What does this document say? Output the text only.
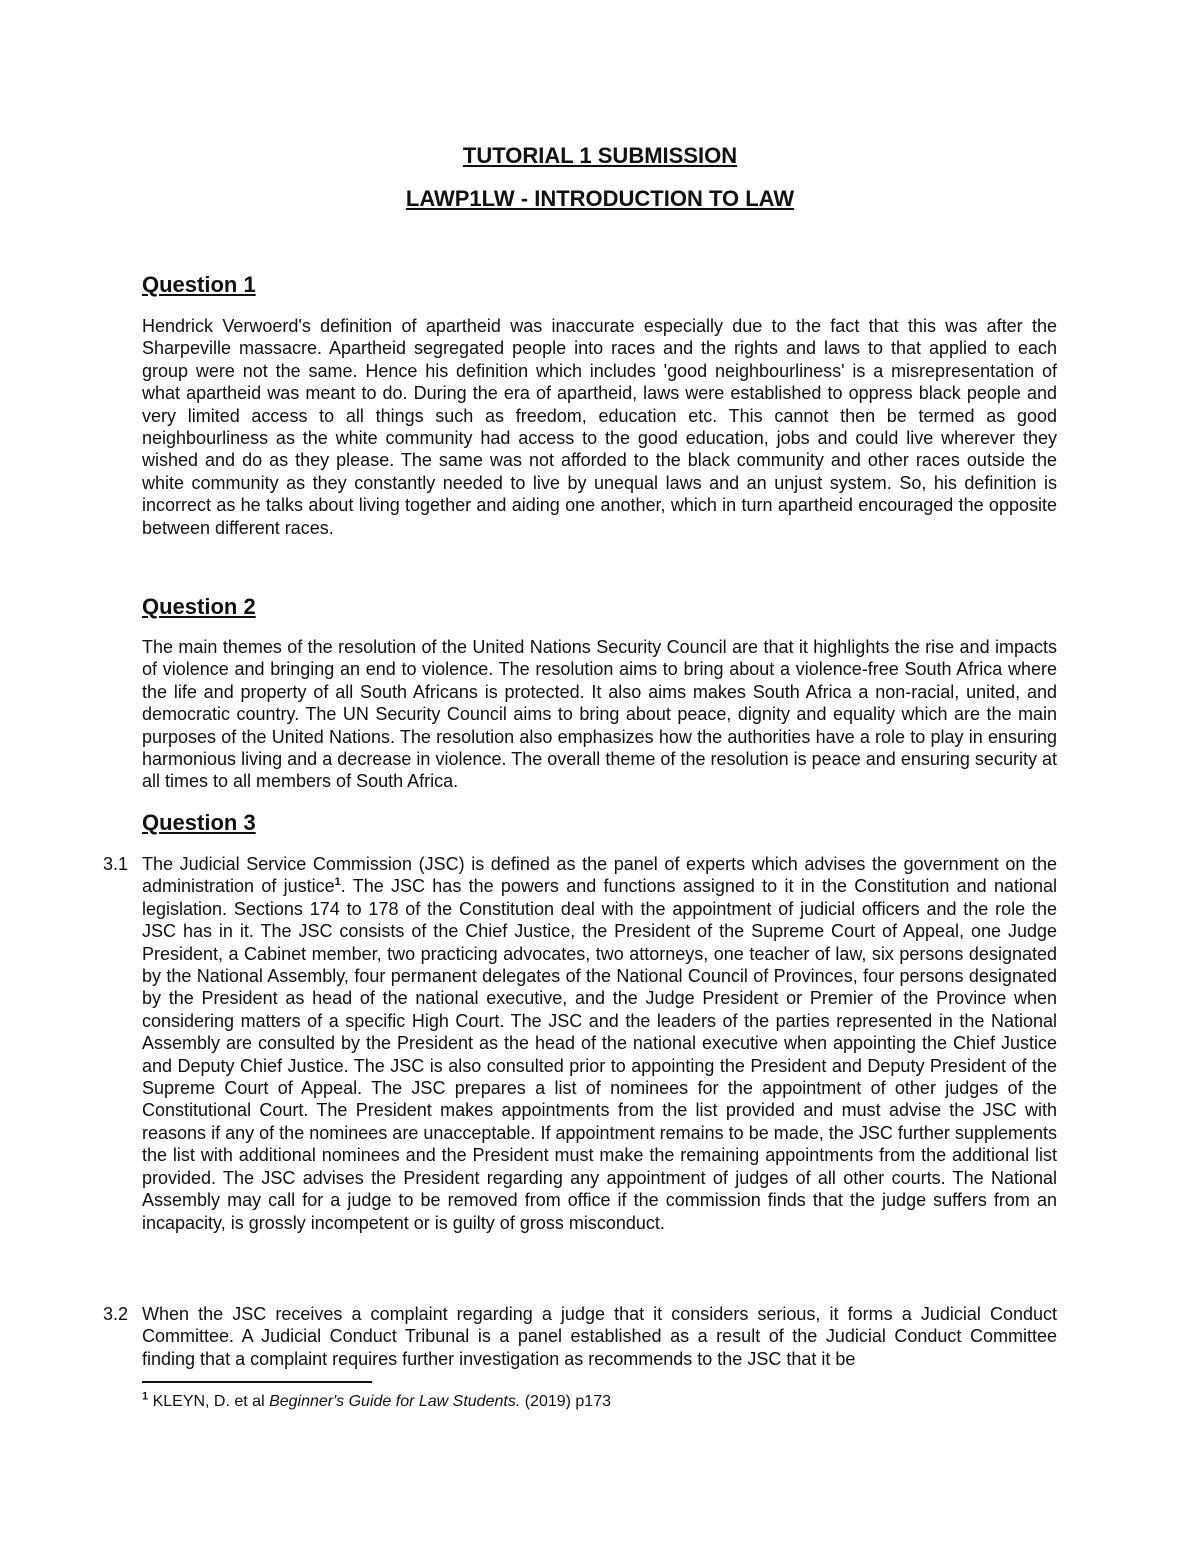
TUTORIAL 1 SUBMISSION
LAWP1LW - INTRODUCTION TO LAW
Question 1

Hendrick Verwoerd's definition of apartheid was inaccurate especially due to the fact that this was after the Sharpeville massacre. Apartheid segregated people into races and the rights and laws to that applied to each group were not the same. Hence his definition which includes 'good neighbourliness' is a misrepresentation of what apartheid was meant to do. During the era of apartheid, laws were established to oppress black people and very limited access to all things such as freedom, education etc. This cannot then be termed as good neighbourliness as the white community had access to the good education, jobs and could live wherever they wished and do as they please. The same was not afforded to the black community and other races outside the white community as they constantly needed to live by unequal laws and an unjust system. So, his definition is incorrect as he talks about living together and aiding one another, which in turn apartheid encouraged the opposite between different races.

Question 2

The main themes of the resolution of the United Nations Security Council are that it highlights the rise and impacts of violence and bringing an end to violence. The resolution aims to bring about a violence-free South Africa where the life and property of all South Africans is protected. It also aims makes South Africa a non-racial, united, and democratic country. The UN Security Council aims to bring about peace, dignity and equality which are the main purposes of the United Nations. The resolution also emphasizes how the authorities have a role to play in ensuring harmonious living and a decrease in violence. The overall theme of the resolution is peace and ensuring security at all times to all members of South Africa.

Question 3
3.1 The Judicial Service Commission (JSC) is defined as the panel of experts which advises the government on the administration of justice$^1$. The JSC has the powers and functions assigned to it in the Constitution and national legislation. Sections 174 to 178 of the Constitution deal with the appointment of judicial officers and the role the JSC has in it. The JSC consists of the Chief Justice, the President of the Supreme Court of Appeal, one Judge President, a Cabinet member, two practicing advocates, two attorneys, one teacher of law, six persons designated by the National Assembly, four permanent delegates of the National Council of Provinces, four persons designated by the President as head of the national executive, and the Judge President or Premier of the Province when considering matters of a specific High Court. The JSC and the leaders of the parties represented in the National Assembly are consulted by the President as the head of the national executive when appointing the Chief Justice and Deputy Chief Justice. The JSC is also consulted prior to appointing the President and Deputy President of the Supreme Court of Appeal. The JSC prepares a list of nominees for the appointment of other judges of the Constitutional Court. The President makes appointments from the list provided and must advise the JSC with reasons if any of the nominees are unacceptable. If appointment remains to be made, the JSC further supplements the list with additional nominees and the President must make the remaining appointments from the additional list provided. The JSC advises the President regarding any appointment of judges of all other courts. The National Assembly may call for a judge to be removed from office if the commission finds that the judge suffers from an incapacity, is grossly incompetent or is guilty of gross misconduct.

3.2 When the JSC receives a complaint regarding a judge that it considers serious, it forms a Judicial Conduct Committee. A Judicial Conduct Tribunal is a panel established as a result of the Judicial Conduct Committee finding that a complaint requires further investigation as recommends to the JSC that it be

$^1$ KLEYN, D. et al Beginner's Guide for Law Students. (2019) p173
